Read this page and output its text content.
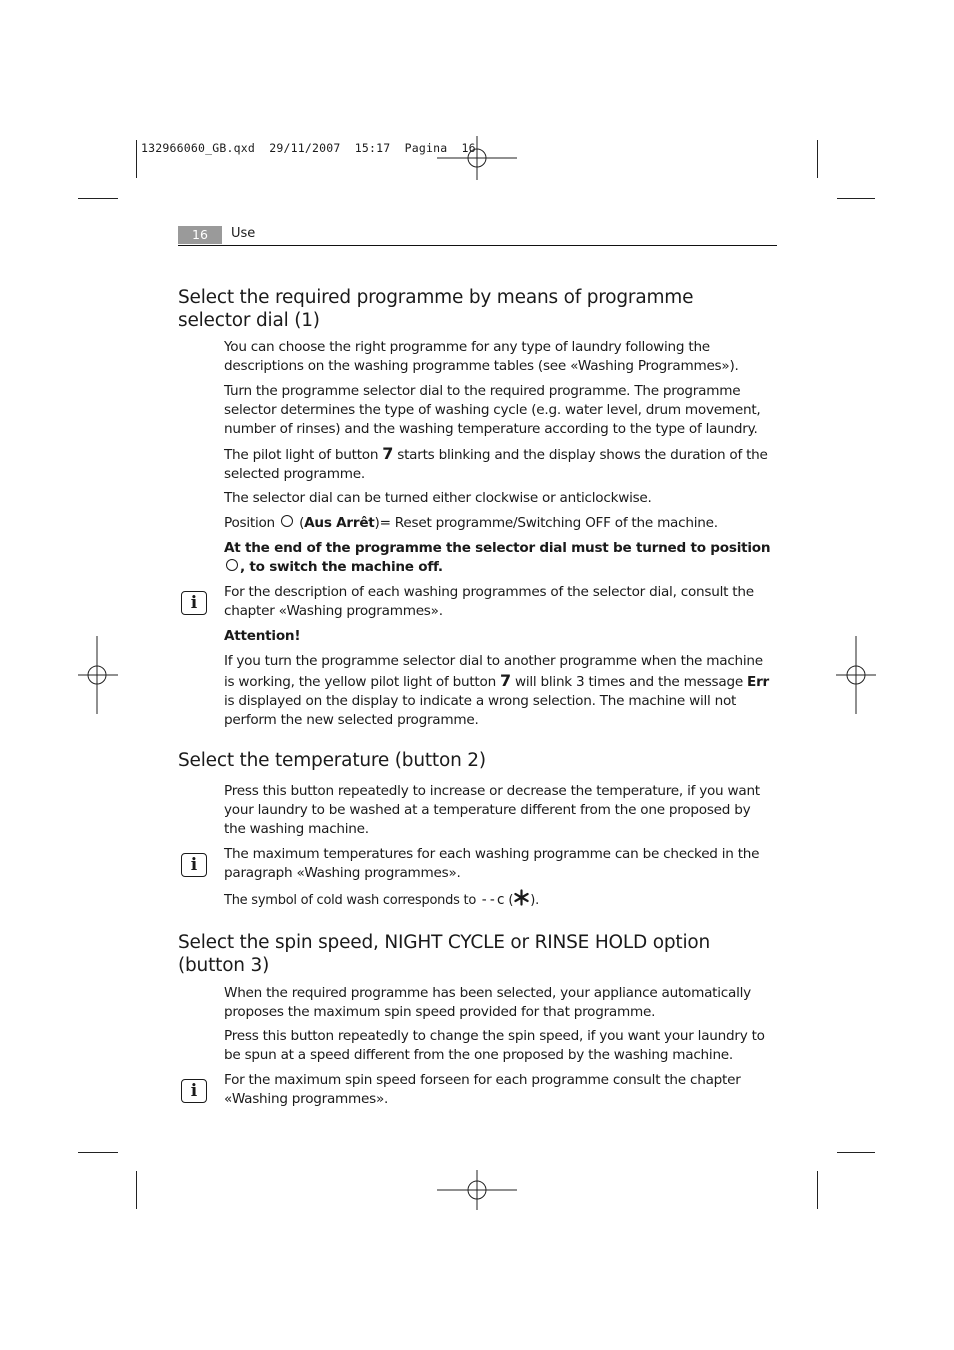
132966060_GB.qxd  29/11/2007  15:17  Pagina  16
16	Use
Select the required programme by means of programme selector dial (1)

You can choose the right programme for any type of laundry following the descriptions on the washing programme tables (see «Washing Programmes»).

Turn the programme selector dial to the required programme. The programme selector determines the type of washing cycle (e.g. water level, drum movement, number of rinses) and the washing temperature according to the type of laundry.

The pilot light of button 7 starts blinking and the display shows the duration of the selected programme.

The selector dial can be turned either clockwise or anticlockwise.

Position  (Aus Arrêt)= Reset programme/Switching OFF of the machine.

At the end of the programme the selector dial must be turned to position , to switch the machine off.

i

For the description of each washing programmes of the selector dial, consult the chapter «Washing programmes».

Attention!

If you turn the programme selector dial to another programme when the machine is working, the yellow pilot light of button 7 will blink 3 times and the message Err is displayed on the display to indicate a wrong selection. The machine will not perform the new selected programme.

Select the temperature (button 2)

Press this button repeatedly to increase or decrease the temperature, if you want your laundry to be washed at a temperature different from the one proposed by the washing machine.

i

The maximum temperatures for each washing programme can be checked in the paragraph «Washing programmes».

The symbol of cold wash corresponds to --c ( ).

Select the spin speed, NIGHT CYCLE or RINSE HOLD option (button 3)

When the required programme has been selected, your appliance automatically proposes the maximum spin speed provided for that programme.

Press this button repeatedly to change the spin speed, if you want your laundry to be spun at a speed different from the one proposed by the washing machine.

i

For the maximum spin speed forseen for each programme consult the chapter «Washing programmes».
